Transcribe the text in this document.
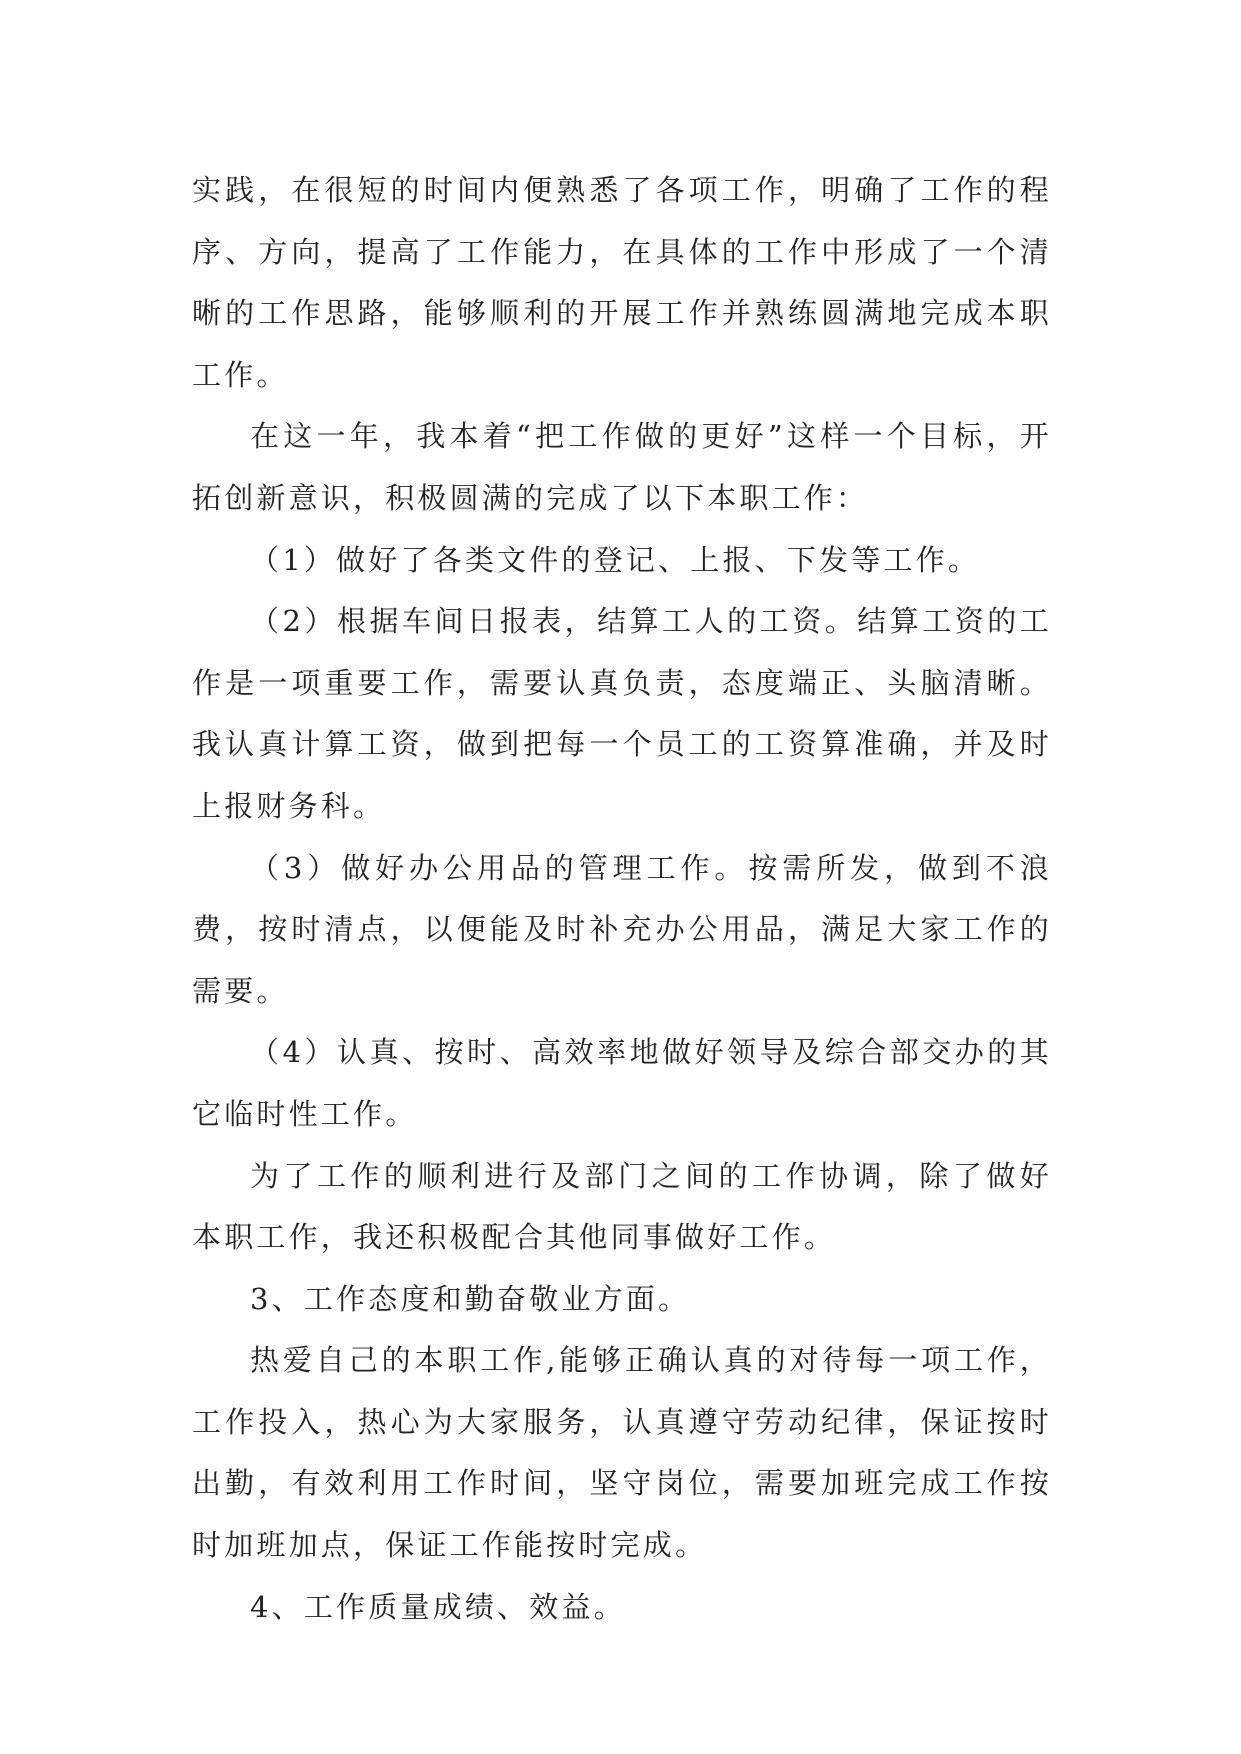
实践，在很短的时间内便熟悉了各项工作，明确了工作的程序、方向，提高了工作能力，在具体的工作中形成了一个清晰的工作思路，能够顺利的开展工作并熟练圆满地完成本职工作。

在这一年，我本着“把工作做的更好”这样一个目标，开拓创新意识，积极圆满的完成了以下本职工作：

（1）做好了各类文件的登记、上报、下发等工作。

（2）根据车间日报表，结算工人的工资。结算工资的工作是一项重要工作，需要认真负责，态度端正、头脑清晰。我认真计算工资，做到把每一个员工的工资算准确，并及时上报财务科。

（3）做好办公用品的管理工作。按需所发，做到不浪费，按时清点，以便能及时补充办公用品，满足大家工作的需要。

（4）认真、按时、高效率地做好领导及综合部交办的其它临时性工作。

为了工作的顺利进行及部门之间的工作协调，除了做好本职工作，我还积极配合其他同事做好工作。

3、工作态度和勤奋敬业方面。

热爱自己的本职工作,能够正确认真的对待每一项工作，工作投入，热心为大家服务，认真遵守劳动纪律，保证按时出勤，有效利用工作时间，坚守岗位，需要加班完成工作按时加班加点，保证工作能按时完成。

4、工作质量成绩、效益。
